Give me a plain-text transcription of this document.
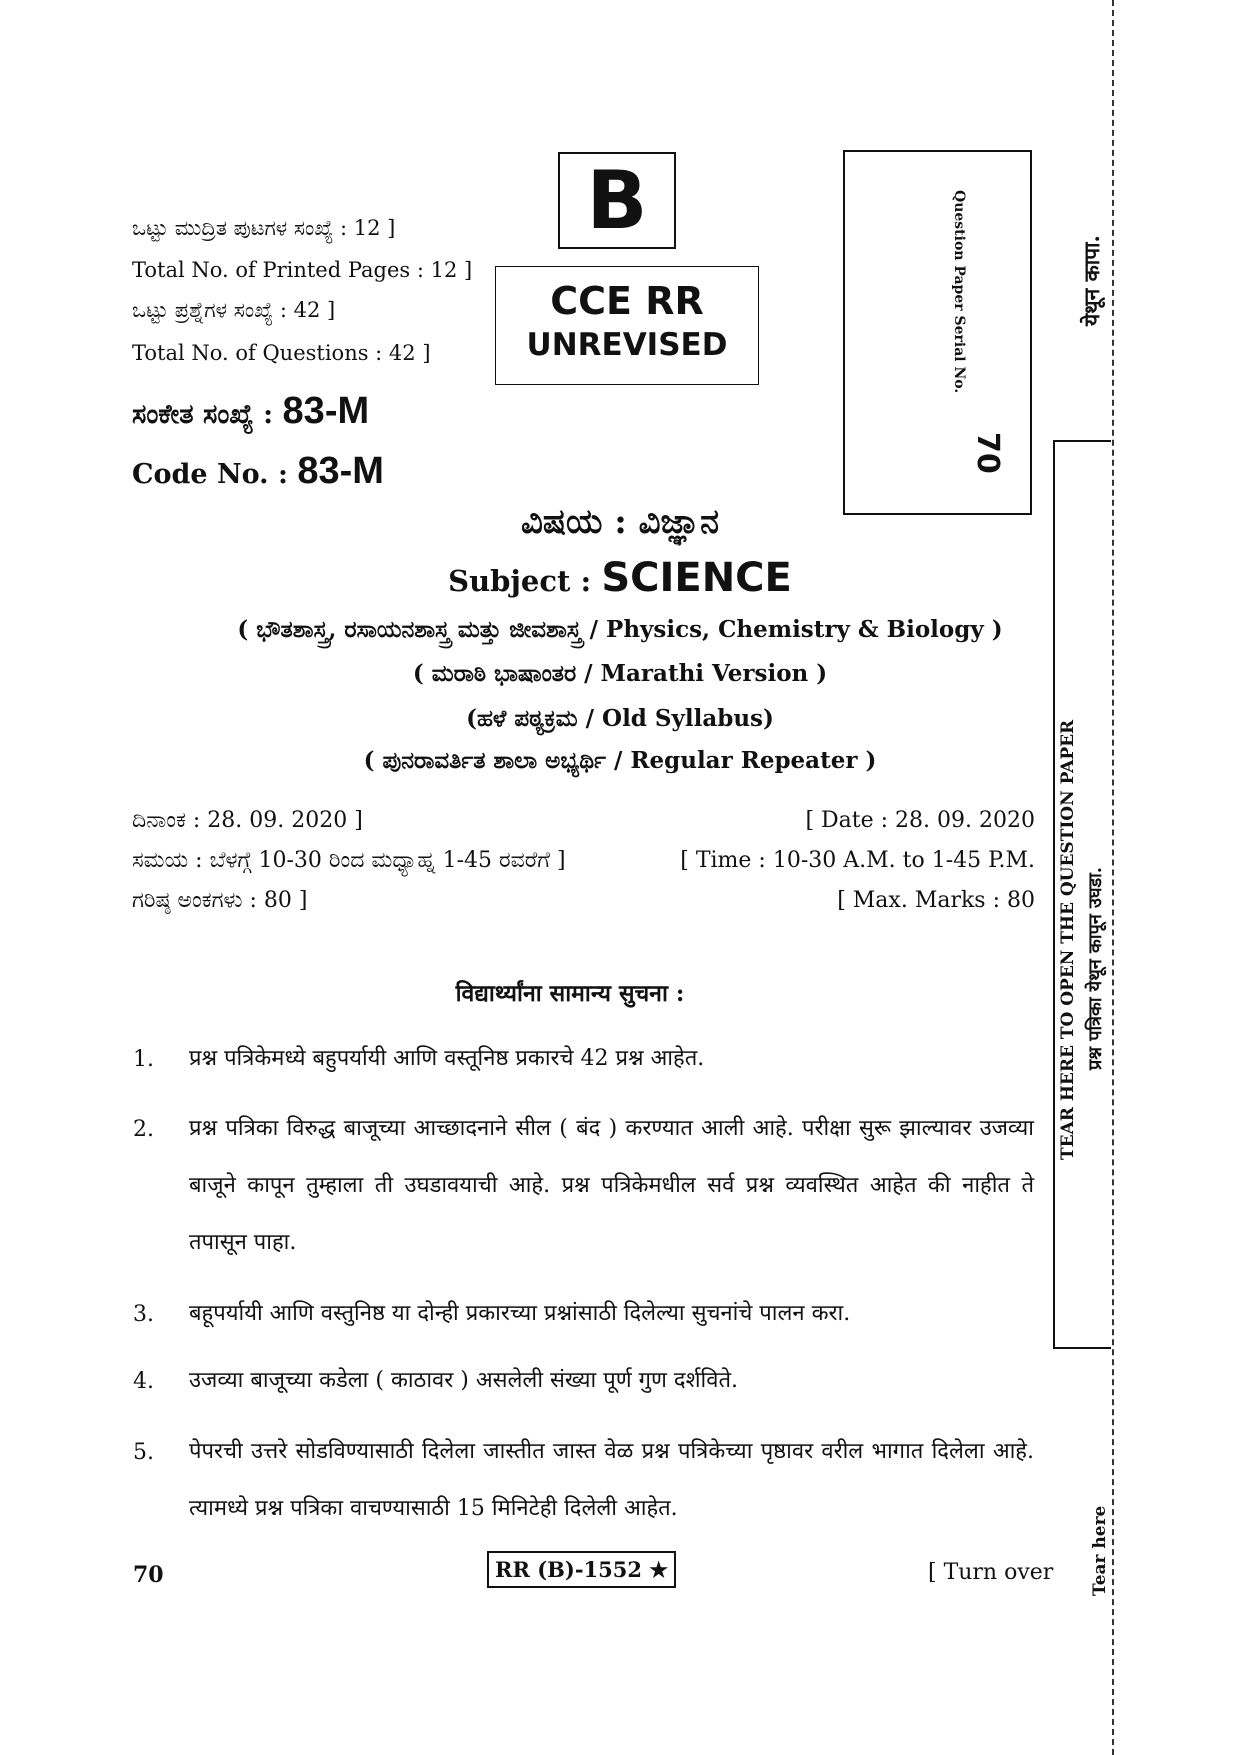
ಒಟ್ಟು ಮುದ್ರಿತ ಪುಟಗಳ ಸಂಖ್ಯೆ : 12 ]
Total No. of Printed Pages : 12 ]
ಒಟ್ಟು ಪ್ರಶ್ನೆಗಳ ಸಂಖ್ಯೆ : 42 ]
Total No. of Questions : 42 ]
ಸಂಕೇತ ಸಂಖ್ಯೆ : 83-M
Code No. : 83-M
B
CCE RR
UNREVISED	Question Paper Serial No.
70
ವಿಷಯ : ವಿಜ್ಞಾನ
Subject : SCIENCE
( ಭೌತಶಾಸ್ತ್ರ, ರಸಾಯನಶಾಸ್ತ್ರ ಮತ್ತು ಜೀವಶಾಸ್ತ್ರ / Physics, Chemistry & Biology )
( ಮರಾಠಿ ಭಾಷಾಂತರ / Marathi Version )
(ಹಳೆ ಪಠ್ಯಕ್ರಮ / Old Syllabus)
( ಪುನರಾವರ್ತಿತ ಶಾಲಾ ಅಭ್ಯರ್ಥಿ / Regular Repeater )
ದಿನಾಂಕ : 28. 09. 2020 ]	[ Date : 28. 09. 2020
ಸಮಯ : ಬೆಳಗ್ಗೆ 10-30 ರಿಂದ ಮಧ್ಯಾಹ್ನ 1-45 ರವರೆಗೆ ]	[ Time : 10-30 A.M. to 1-45 P.M.
ಗರಿಷ್ಠ ಅಂಕಗಳು : 80 ]	[ Max. Marks : 80
विद्यार्थ्यांना सामान्य सुचना :
1. प्रश्न पत्रिकेमध्ये बहुपर्यायी आणि वस्तूनिष्ठ प्रकारचे 42 प्रश्न आहेत.
2. प्रश्न पत्रिका विरुद्ध बाजूच्या आच्छादनाने सील ( बंद ) करण्यात आली आहे. परीक्षा सुरू झाल्यावर उजव्या बाजूने कापून तुम्हाला ती उघडावयाची आहे. प्रश्न पत्रिकेमधील सर्व प्रश्न व्यवस्थित आहेत की नाहीत ते तपासून पाहा.
3. बहूपर्यायी आणि वस्तुनिष्ठ या दोन्ही प्रकारच्या प्रश्नांसाठी दिलेल्या सुचनांचे पालन करा.
4. उजव्या बाजूच्या कडेला ( काठावर ) असलेली संख्या पूर्ण गुण दर्शविते.
5. पेपरची उत्तरे सोडविण्यासाठी दिलेला जास्तीत जास्त वेळ प्रश्न पत्रिकेच्या पृष्ठावर वरील भागात दिलेला आहे. त्यामध्ये प्रश्न पत्रिका वाचण्यासाठी 15 मिनिटेही दिलेली आहेत.
70	RR (B)-1552 ★	[ Turn over
येथून कापा.
TEAR HERE TO OPEN THE QUESTION PAPER प्रश्न पत्रिका येथून कापून उघडा.
Tear here
